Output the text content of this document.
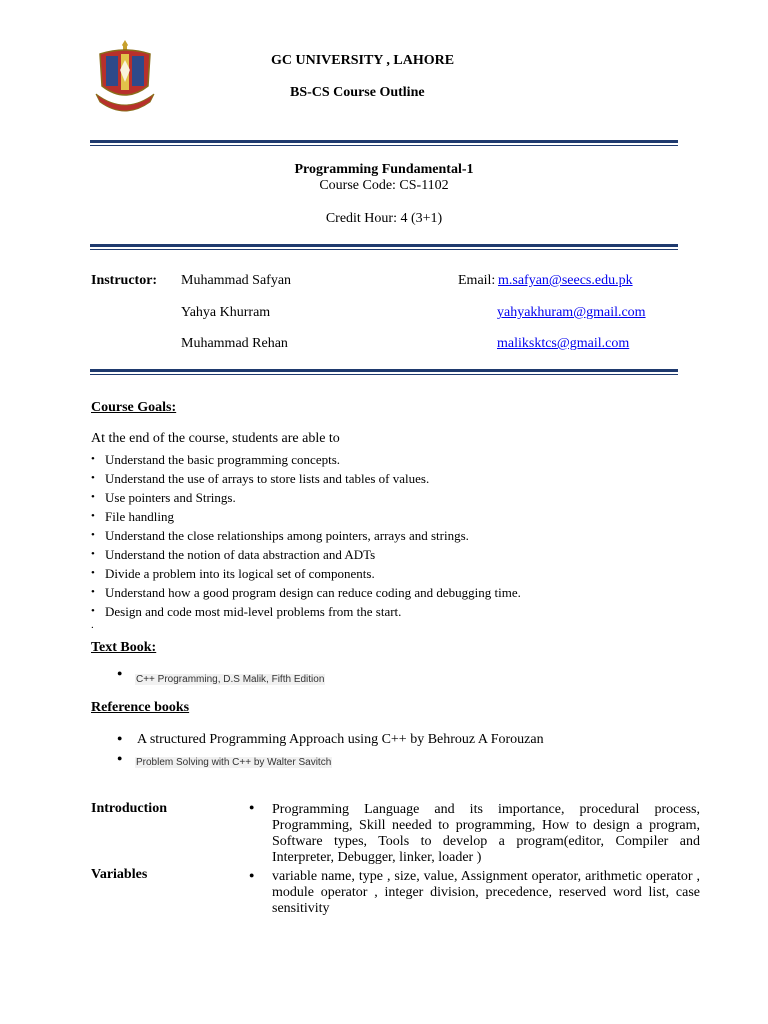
GC UNIVERSITY , LAHORE
BS-CS Course Outline
Programming Fundamental-1
Course Code: CS-1102
Credit Hour: 4 (3+1)
Instructor: Muhammad Safyan
Yahya Khurram
Muhammad Rehan
Email: m.safyan@seecs.edu.pk
yahyakhuram@gmail.com
maliksktcs@gmail.com
Course Goals:
At the end of the course, students are able to
• Understand the basic programming concepts.
• Understand the use of arrays to store lists and tables of values.
• Use pointers and Strings.
• File handling
• Understand the close relationships among pointers, arrays and strings.
• Understand the notion of data abstraction and ADTs
• Divide a problem into its logical set of components.
• Understand how a good program design can reduce coding and debugging time.
• Design and code most mid-level problems from the start.
.
Text Book:
●
C++ Programming, D.S Malik, Fifth Edition
Reference books
● A structured Programming Approach using C++ by Behrouz A Forouzan
● Problem Solving with C++ by Walter Savitch
Introduction	● Programming Language and its importance, procedural process, Programming, Skill needed to programming, How to design a program, Software types, Tools to develop a program(editor, Compiler and Interpreter, Debugger, linker, loader )
Variables	● variable name, type , size, value, Assignment operator, arithmetic operator , module operator , integer division, precedence, reserved word list, case sensitivity
